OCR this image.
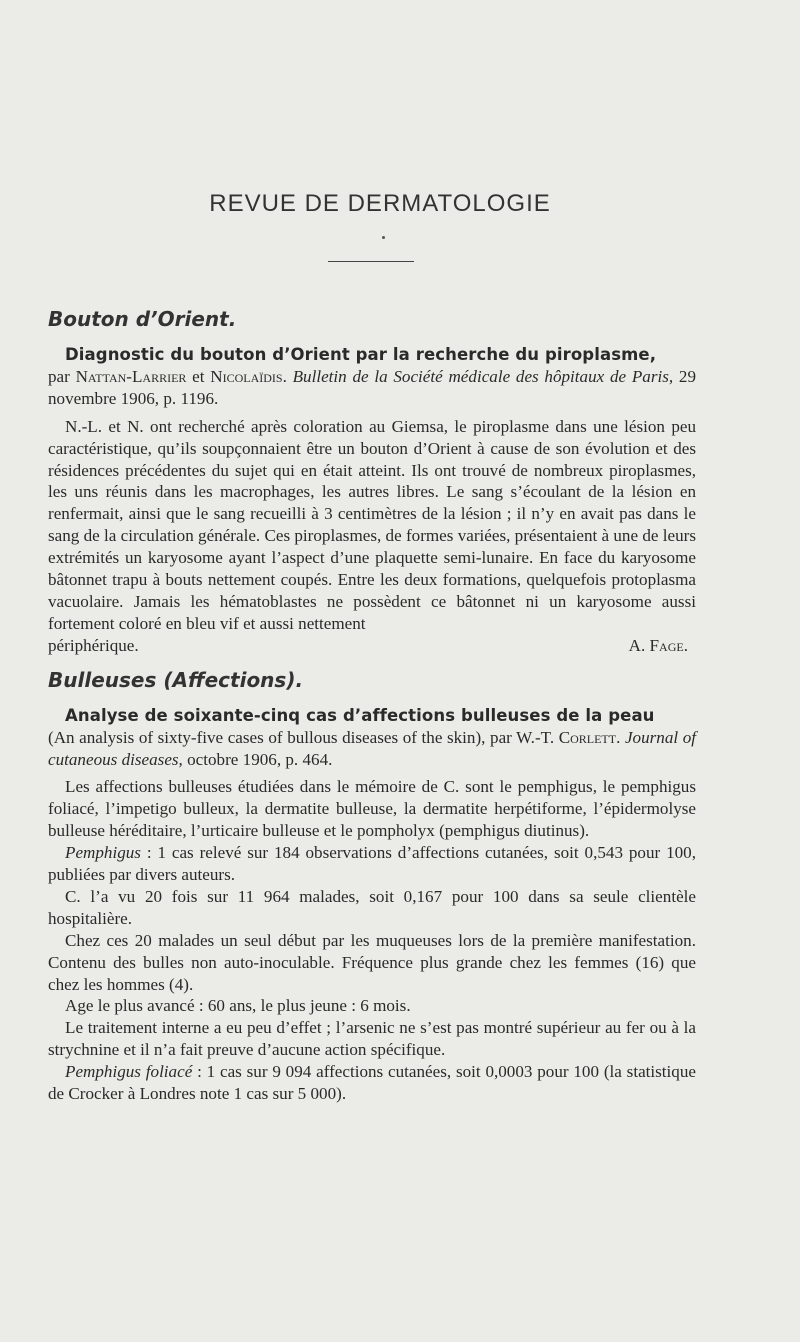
REVUE DE DERMATOLOGIE
Bouton d’Orient.

Diagnostic du bouton d’Orient par la recherche du piroplasme,
par Nattan-Larrier et Nicolaïdis. Bulletin de la Société médicale des hôpitaux de Paris, 29 novembre 1906, p. 1196.

N.-L. et N. ont recherché après coloration au Giemsa, le piroplasme dans une lésion peu caractéristique, qu’ils soupçonnaient être un bouton d’Orient à cause de son évolution et des résidences précédentes du sujet qui en était atteint. Ils ont trouvé de nombreux piroplasmes, les uns réunis dans les macrophages, les autres libres. Le sang s’écoulant de la lésion en renfermait, ainsi que le sang recueilli à 3 centimètres de la lésion ; il n’y en avait pas dans le sang de la circulation générale. Ces piroplasmes, de formes variées, présentaient à une de leurs extrémités un karyosome ayant l’aspect d’une plaquette semi-lunaire. En face du karyosome bâtonnet trapu à bouts nettement coupés. Entre les deux formations, quelquefois protoplasma vacuolaire. Jamais les hématoblastes ne possèdent ce bâtonnet ni un karyosome aussi fortement coloré en bleu vif et aussi nettement

périphérique.	A. Fage.

Bulleuses (Affections).

Analyse de soixante-cinq cas d’affections bulleuses de la peau
(An analysis of sixty-five cases of bullous diseases of the skin), par W.-T. Corlett. Journal of cutaneous diseases, octobre 1906, p. 464.

Les affections bulleuses étudiées dans le mémoire de C. sont le pemphigus, le pemphigus foliacé, l’impetigo bulleux, la dermatite bulleuse, la dermatite herpétiforme, l’épidermolyse bulleuse héréditaire, l’urticaire bulleuse et le pompholyx (pemphigus diutinus).

Pemphigus : 1 cas relevé sur 184 observations d’affections cutanées, soit 0,543 pour 100, publiées par divers auteurs.

C. l’a vu 20 fois sur 11 964 malades, soit 0,167 pour 100 dans sa seule clientèle hospitalière.

Chez ces 20 malades un seul début par les muqueuses lors de la première manifestation. Contenu des bulles non auto-inoculable. Fréquence plus grande chez les femmes (16) que chez les hommes (4).

Age le plus avancé : 60 ans, le plus jeune : 6 mois.

Le traitement interne a eu peu d’effet ; l’arsenic ne s’est pas montré supérieur au fer ou à la strychnine et il n’a fait preuve d’aucune action spécifique.

Pemphigus foliacé : 1 cas sur 9 094 affections cutanées, soit 0,0003 pour 100 (la statistique de Crocker à Londres note 1 cas sur 5 000).
